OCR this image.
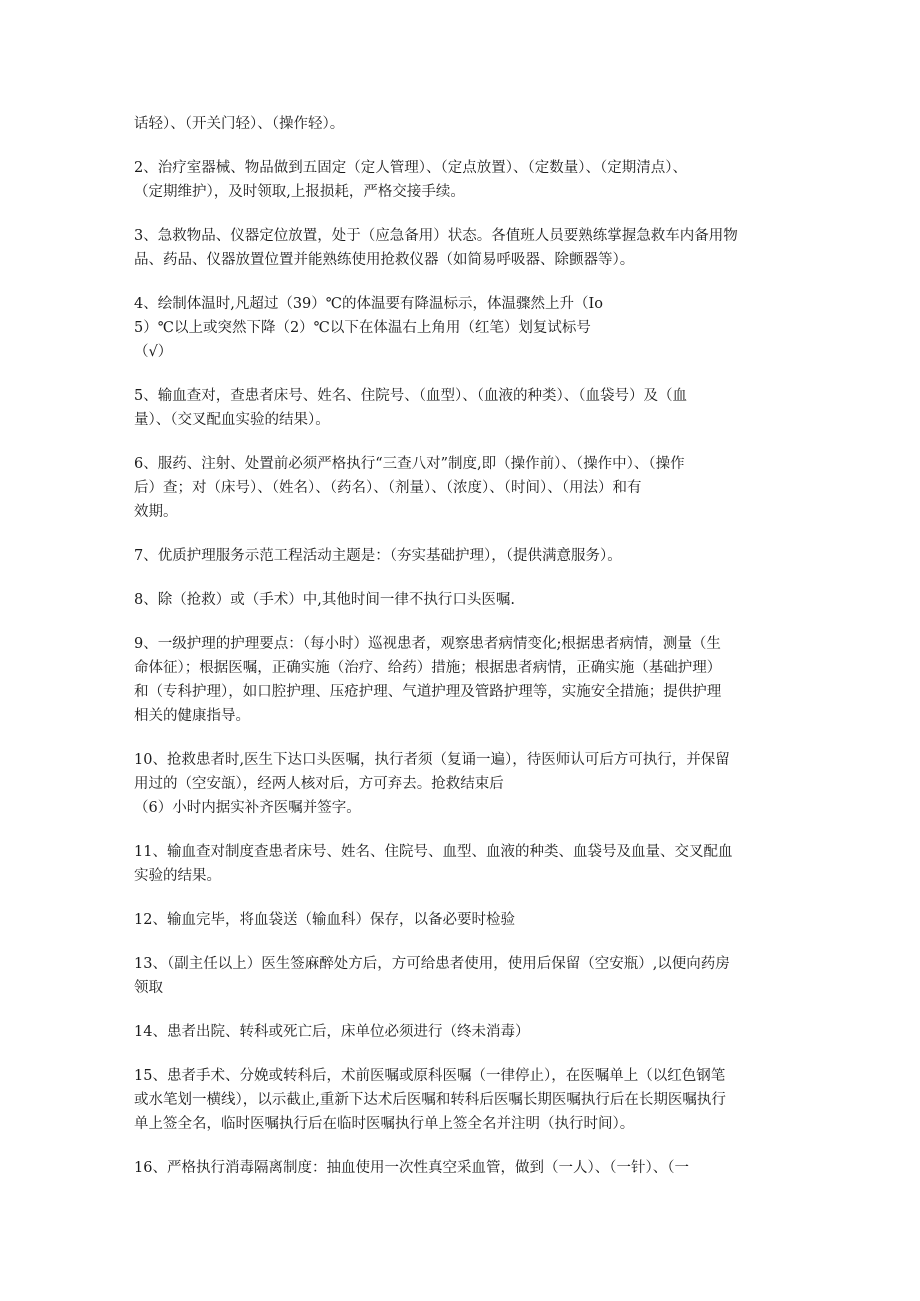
话轻）、（开关门轻）、（操作轻）。
2、治疗室器械、物品做到五固定（定人管理）、（定点放置）、（定数量）、（定期清点）、
（定期维护），及时领取,上报损耗，严格交接手续。
3、急救物品、仪器定位放置，处于（应急备用）状态。各值班人员要熟练掌握急救车内备用物
品、药品、仪器放置位置并能熟练使用抢救仪器（如简易呼吸器、除颤器等）。
4、绘制体温时,凡超过（39）℃的体温要有降温标示，体温骤然上升（Io
5）℃以上或突然下降（2）℃以下在体温右上角用（红笔）划复试标号
（√）
5、输血查对，查患者床号、姓名、住院号、（血型）、（血液的种类）、（血袋号）及（血
量）、（交叉配血实验的结果）。
6、服药、注射、处置前必须严格执行“三查八对”制度,即（操作前）、（操作中）、（操作
后）查；对（床号）、（姓名）、（药名）、（剂量）、（浓度）、（时间）、（用法）和有
效期。
7、优质护理服务示范工程活动主题是：（夯实基础护理），（提供满意服务）。
8、除（抢救）或（手术）中,其他时间一律不执行口头医嘱.
9、一级护理的护理要点：（每小时）巡视患者，观察患者病情变化;根据患者病情，测量（生
命体征）；根据医嘱，正确实施（治疗、给药）措施；根据患者病情，正确实施（基础护理）
和（专科护理），如口腔护理、压疮护理、气道护理及管路护理等，实施安全措施；提供护理
相关的健康指导。
10、抢救患者时,医生下达口头医嘱，执行者须（复诵一遍），待医师认可后方可执行，并保留
用过的（空安瓿），经两人核对后，方可弃去。抢救结束后
（6）小时内据实补齐医嘱并签字。
11、输血查对制度查患者床号、姓名、住院号、血型、血液的种类、血袋号及血量、交叉配血
实验的结果。
12、输血完毕，将血袋送（输血科）保存，以备必要时检验
13、（副主任以上）医生签麻醉处方后，方可给患者使用，使用后保留（空安瓶）,以便向药房
领取
14、患者出院、转科或死亡后，床单位必须进行（终未消毒）
15、患者手术、分娩或转科后，术前医嘱或原科医嘱（一律停止），在医嘱单上（以红色钢笔
或水笔划一横线），以示截止,重新下达术后医嘱和转科后医嘱长期医嘱执行后在长期医嘱执行
单上签全名，临时医嘱执行后在临时医嘱执行单上签全名并注明（执行时间）。
16、严格执行消毒隔离制度：抽血使用一次性真空采血管，做到（一人）、（一针）、（一
